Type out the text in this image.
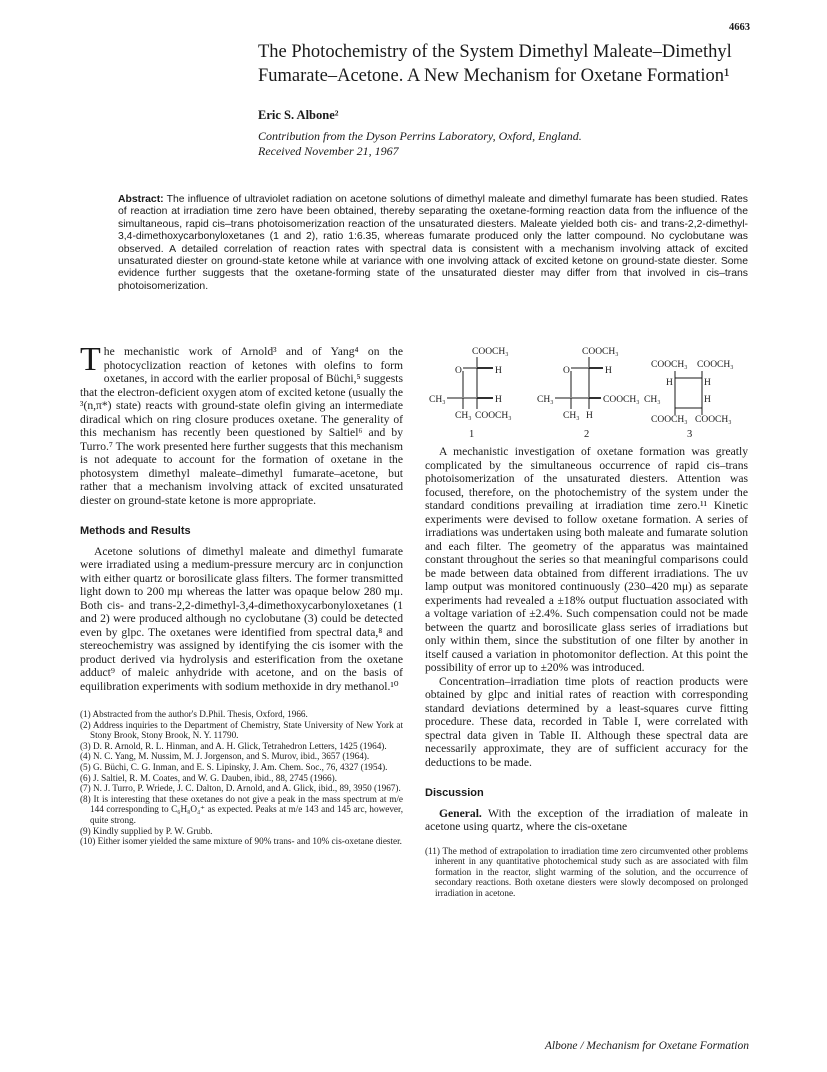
4663
The Photochemistry of the System Dimethyl Maleate–Dimethyl
Fumarate–Acetone. A New Mechanism for Oxetane Formation¹
Eric S. Albone²
Contribution from the Dyson Perrins Laboratory, Oxford, England.
Received November 21, 1967
Abstract: The influence of ultraviolet radiation on acetone solutions of dimethyl maleate and dimethyl fumarate has been studied. Rates of reaction at irradiation time zero have been obtained, thereby separating the oxetane-forming reaction data from the influence of the simultaneous, rapid cis–trans photoisomerization reaction of the unsaturated diesters. Maleate yielded both cis- and trans-2,2-dimethyl-3,4-dimethoxycarbonyloxetanes (1 and 2), ratio 1:6.35, whereas fumarate produced only the latter compound. No cyclobutane was observed. A detailed correlation of reaction rates with spectral data is consistent with a mechanism involving attack of excited unsaturated diester on ground-state ketone while at variance with one involving attack of excited ketone on ground-state diester. Some evidence further suggests that the oxetane-forming state of the unsaturated diester may differ from that involved in cis–trans photoisomerization.

The mechanistic work of Arnold³ and of Yang⁴ on the photocyclization reaction of ketones with olefins to form oxetanes, in accord with the earlier proposal of Büchi,⁵ suggests that the electron-deficient oxygen atom of excited ketone (usually the ³(n,π*) state) reacts with ground-state olefin giving an intermediate diradical which on ring closure produces oxetane. The generality of this mechanism has recently been questioned by Saltiel⁶ and by Turro.⁷ The work presented here further suggests that this mechanism is not adequate to account for the formation of oxetane in the photosystem dimethyl maleate–dimethyl fumarate–acetone, but rather that a mechanism involving attack of excited unsaturated diester on ground-state ketone is more appropriate.

Methods and Results

Acetone solutions of dimethyl maleate and dimethyl fumarate were irradiated using a medium-pressure mercury arc in conjunction with either quartz or borosilicate glass filters. The former transmitted light down to 200 mμ whereas the latter was opaque below 280 mμ. Both cis- and trans-2,2-dimethyl-3,4-dimethoxycarbonyloxetanes (1 and 2) were produced although no cyclobutane (3) could be detected even by glpc. The oxetanes were identified from spectral data,⁸ and stereochemistry was assigned by identifying the cis isomer with the product derived via hydrolysis and esterification from the oxetane adduct⁹ of maleic anhydride with acetone, and on the basis of equilibration experiments with sodium methoxide in dry methanol.¹⁰

(1) Abstracted from the author's D.Phil. Thesis, Oxford, 1966.

(2) Address inquiries to the Department of Chemistry, State University of New York at Stony Brook, Stony Brook, N. Y. 11790.

(3) D. R. Arnold, R. L. Hinman, and A. H. Glick, Tetrahedron Letters, 1425 (1964).

(4) N. C. Yang, M. Nussim, M. J. Jorgenson, and S. Murov, ibid., 3657 (1964).

(5) G. Büchi, C. G. Inman, and E. S. Lipinsky, J. Am. Chem. Soc., 76, 4327 (1954).

(6) J. Saltiel, R. M. Coates, and W. G. Dauben, ibid., 88, 2745 (1966).

(7) N. J. Turro, P. Wriede, J. C. Dalton, D. Arnold, and A. Glick, ibid., 89, 3950 (1967).

(8) It is interesting that these oxetanes do not give a peak in the mass spectrum at m/e 144 corresponding to C₆H₈O₄⁺ as expected. Peaks at m/e 143 and 145 arc, however, quite strong.

(9) Kindly supplied by P. W. Grubb.

(10) Either isomer yielded the same mixture of 90% trans- and 10% cis-oxetane diester.

COOCH₃
O	H
CH₃	H
CH₃ COOCH₃
1
COOCH₃
O	H
CH₃	COOCH₃
CH₃ H
2
COOCH₃ COOCH₃
H	H
CH₃	H
COOCH₃ COOCH₃
3

A mechanistic investigation of oxetane formation was greatly complicated by the simultaneous occurrence of rapid cis–trans photoisomerization of the unsaturated diesters. Attention was focused, therefore, on the photochemistry of the system under the standard conditions prevailing at irradiation time zero.¹¹ Kinetic experiments were devised to follow oxetane formation. A series of irradiations was undertaken using both maleate and fumarate solution and each filter. The geometry of the apparatus was maintained constant throughout the series so that meaningful comparisons could be made between data obtained from different irradiations. The uv lamp output was monitored continuously (230–420 mμ) as separate experiments had revealed a ±18% output fluctuation associated with a voltage variation of ±2.4%. Such compensation could not be made between the quartz and borosilicate glass series of irradiations but only within them, since the substitution of one filter by another in itself caused a variation in photomonitor deflection. At this point the possibility of error up to ±20% was introduced.

Concentration–irradiation time plots of reaction products were obtained by glpc and initial rates of reaction with corresponding standard deviations determined by a least-squares curve fitting procedure. These data, recorded in Table I, were correlated with spectral data given in Table II. Although these spectral data are necessarily approximate, they are of sufficient accuracy for the deductions to be made.

Discussion

General. With the exception of the irradiation of maleate in acetone using quartz, where the cis-oxetane

(11) The method of extrapolation to irradiation time zero circumvented other problems inherent in any quantitative photochemical study such as are associated with film formation in the reactor, slight warming of the solution, and the occurrence of secondary reactions. Both oxetane diesters were slowly decomposed on prolonged irradiation in acetone.

Albone / Mechanism for Oxetane Formation
